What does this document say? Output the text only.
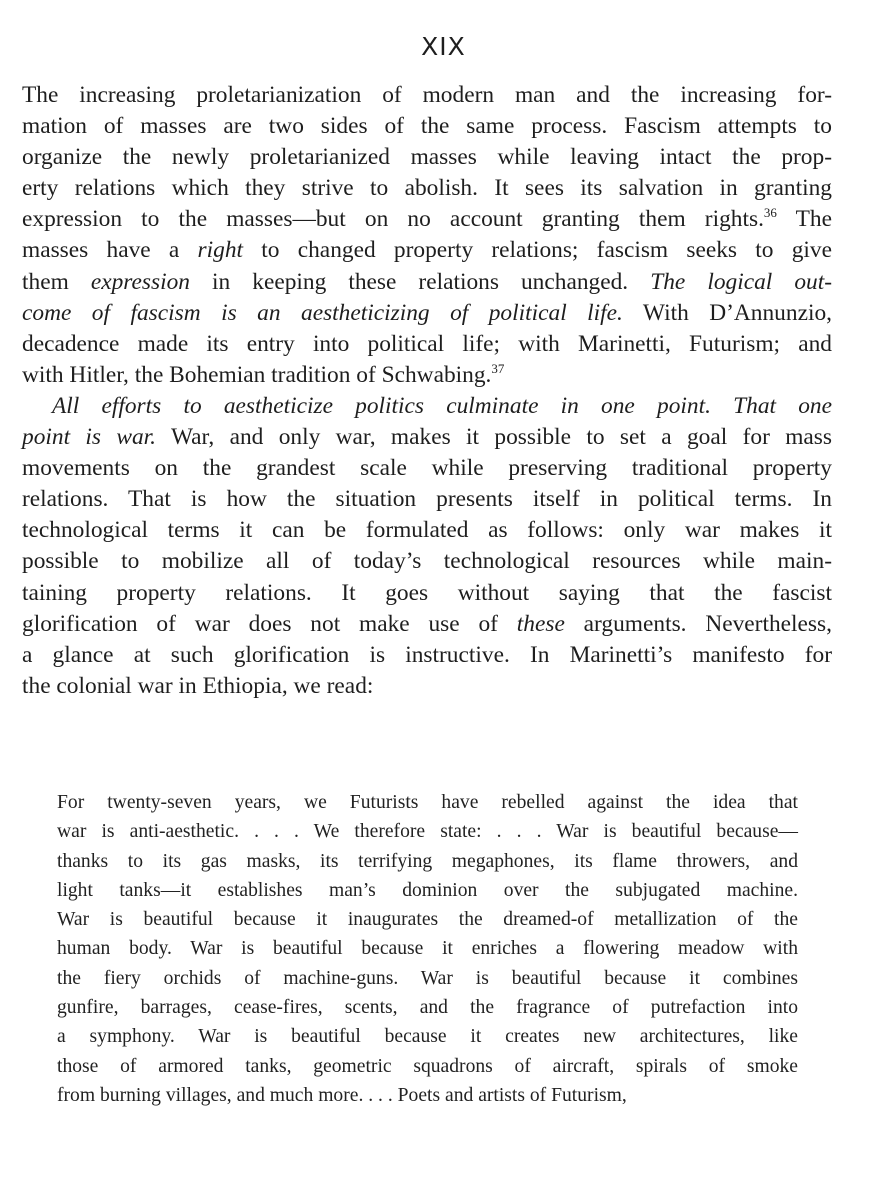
XIX
The increasing proletarianization of modern man and the increasing for-
mation of masses are two sides of the same process. Fascism attempts to
organize the newly proletarianized masses while leaving intact the prop-
erty relations which they strive to abolish. It sees its salvation in granting
expression to the masses—but on no account granting them rights.$^{36}$ The
masses have a right to changed property relations; fascism seeks to give
them expression in keeping these relations unchanged. The logical out-
come of fascism is an aestheticizing of political life. With D’Annunzio,
decadence made its entry into political life; with Marinetti, Futurism; and
with Hitler, the Bohemian tradition of Schwabing.$^{37}$
All efforts to aestheticize politics culminate in one point. That one
point is war. War, and only war, makes it possible to set a goal for mass
movements on the grandest scale while preserving traditional property
relations. That is how the situation presents itself in political terms. In
technological terms it can be formulated as follows: only war makes it
possible to mobilize all of today’s technological resources while main-
taining property relations. It goes without saying that the fascist
glorification of war does not make use of these arguments. Nevertheless,
a glance at such glorification is instructive. In Marinetti’s manifesto for
the colonial war in Ethiopia, we read:
For twenty-seven years, we Futurists have rebelled against the idea that
war is anti-aesthetic. . . . We therefore state: . . . War is beautiful because—
thanks to its gas masks, its terrifying megaphones, its flame throwers, and
light tanks—it establishes man’s dominion over the subjugated machine.
War is beautiful because it inaugurates the dreamed-of metallization of the
human body. War is beautiful because it enriches a flowering meadow with
the fiery orchids of machine-guns. War is beautiful because it combines
gunfire, barrages, cease-fires, scents, and the fragrance of putrefaction into
a symphony. War is beautiful because it creates new architectures, like
those of armored tanks, geometric squadrons of aircraft, spirals of smoke
from burning villages, and much more. . . . Poets and artists of Futurism,
